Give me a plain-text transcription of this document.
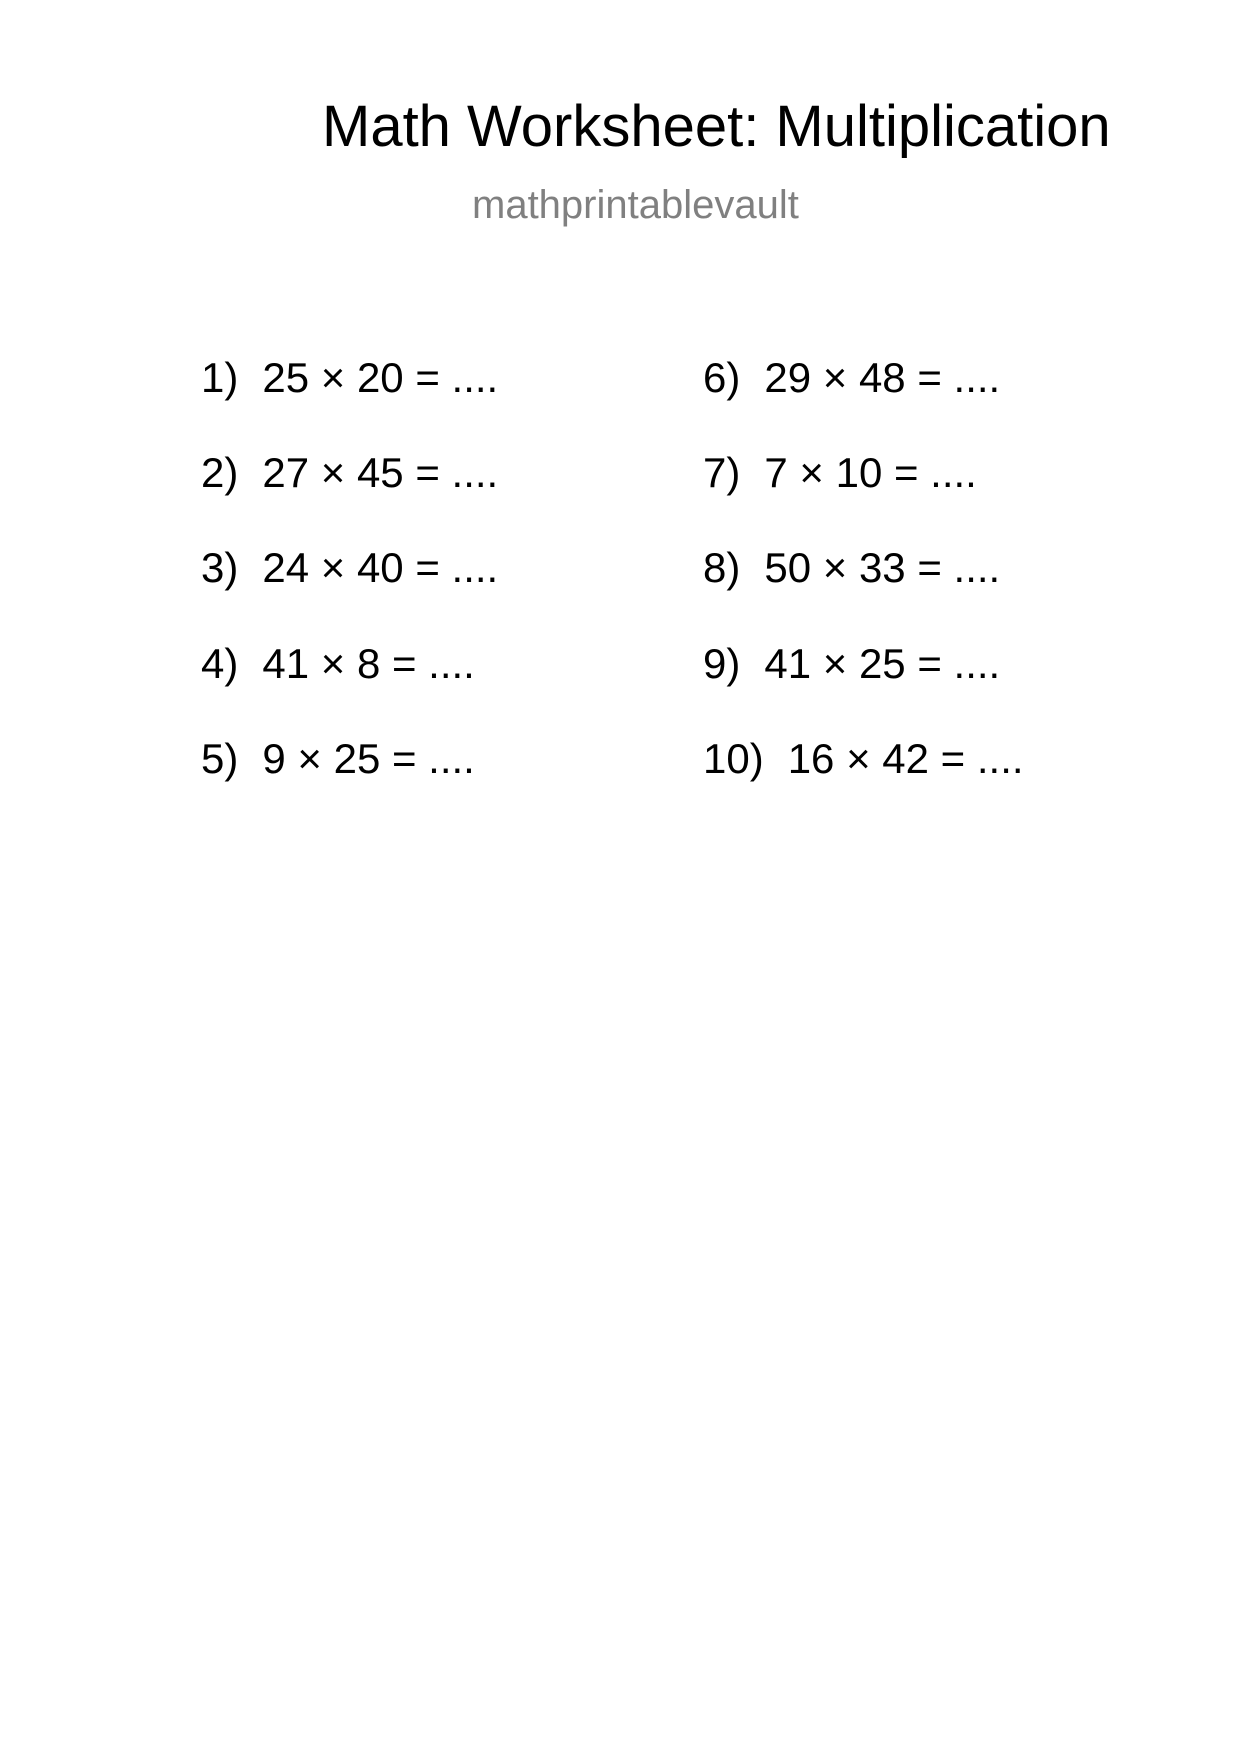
Math Worksheet: Multiplication
mathprintablevault
1) 25 × 20 = ....
2) 27 × 45 = ....
3) 24 × 40 = ....
4) 41 × 8 = ....
5) 9 × 25 = ....
6) 29 × 48 = ....
7) 7 × 10 = ....
8) 50 × 33 = ....
9) 41 × 25 = ....
10) 16 × 42 = ....
